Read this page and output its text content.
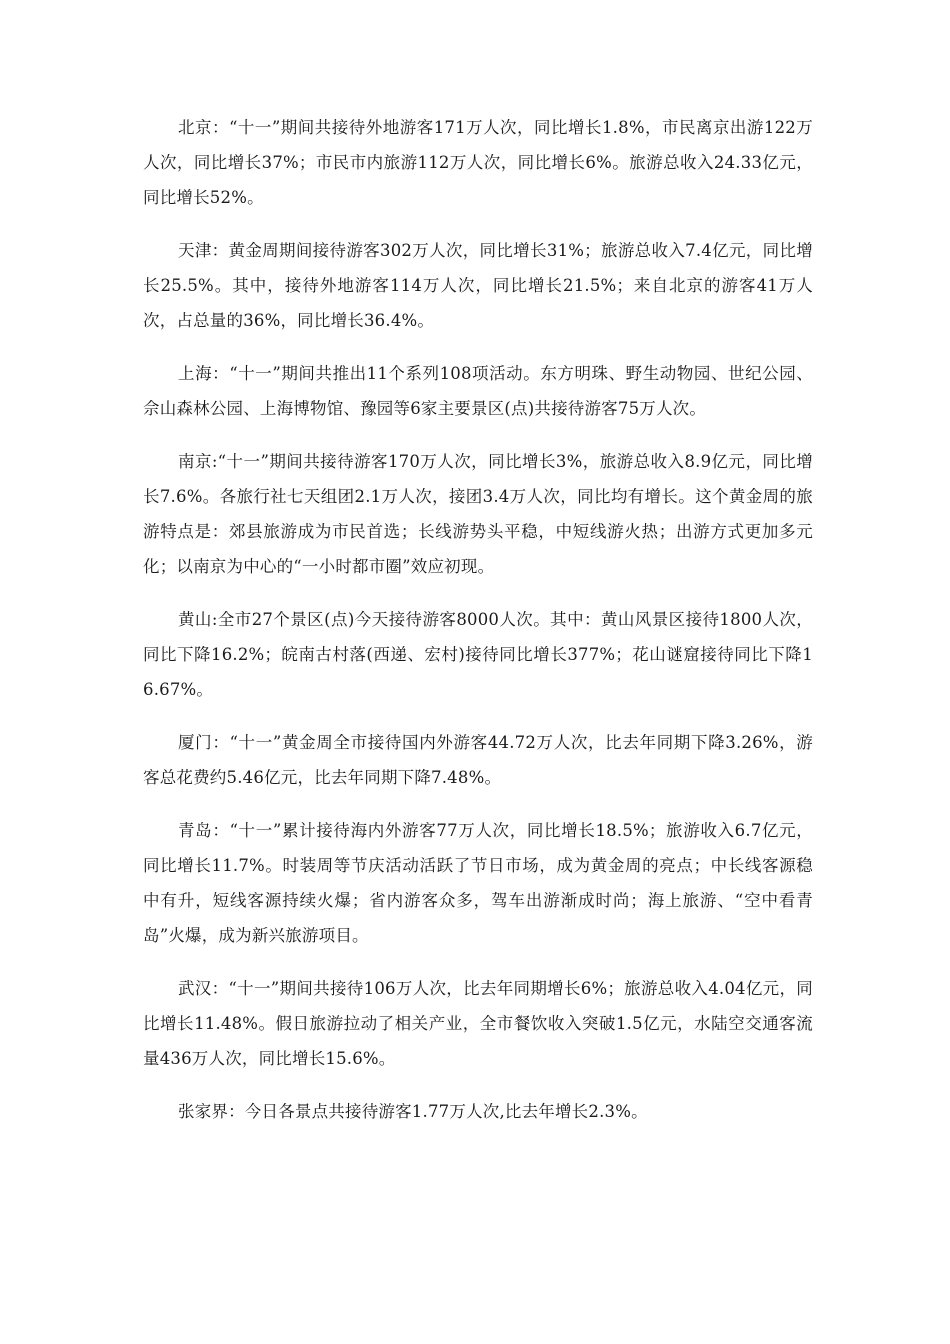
北京：“十一”期间共接待外地游客171万人次，同比增长1.8%，市民离京出游122万人次，同比增长37%；市民市内旅游112万人次，同比增长6%。旅游总收入24.33亿元，同比增长52%。

天津：黄金周期间接待游客302万人次，同比增长31%；旅游总收入7.4亿元，同比增长25.5%。其中，接待外地游客114万人次，同比增长21.5%；来自北京的游客41万人次，占总量的36%，同比增长36.4%。

上海：“十一”期间共推出11个系列108项活动。东方明珠、野生动物园、世纪公园、佘山森林公园、上海博物馆、豫园等6家主要景区(点)共接待游客75万人次。

南京:“十一”期间共接待游客170万人次，同比增长3%，旅游总收入8.9亿元，同比增长7.6%。各旅行社七天组团2.1万人次，接团3.4万人次，同比均有增长。这个黄金周的旅游特点是：郊县旅游成为市民首选；长线游势头平稳，中短线游火热；出游方式更加多元化；以南京为中心的“一小时都市圈”效应初现。

黄山:全市27个景区(点)今天接待游客8000人次。其中：黄山风景区接待1800人次，同比下降16.2%；皖南古村落(西递、宏村)接待同比增长377%；花山谜窟接待同比下降16.67%。

厦门：“十一”黄金周全市接待国内外游客44.72万人次，比去年同期下降3.26%，游客总花费约5.46亿元，比去年同期下降7.48%。

青岛：“十一”累计接待海内外游客77万人次，同比增长18.5%；旅游收入6.7亿元，同比增长11.7%。时装周等节庆活动活跃了节日市场，成为黄金周的亮点；中长线客源稳中有升，短线客源持续火爆；省内游客众多，驾车出游渐成时尚；海上旅游、“空中看青岛”火爆，成为新兴旅游项目。

武汉：“十一”期间共接待106万人次，比去年同期增长6%；旅游总收入4.04亿元，同比增长11.48%。假日旅游拉动了相关产业，全市餐饮收入突破1.5亿元，水陆空交通客流量436万人次，同比增长15.6%。

张家界：今日各景点共接待游客1.77万人次,比去年增长2.3%。
